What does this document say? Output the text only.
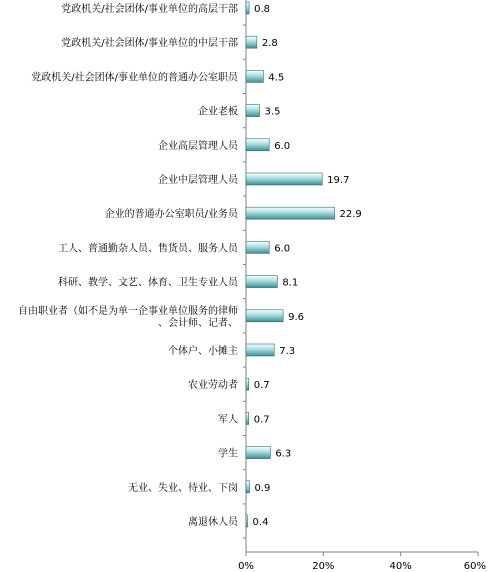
党政机关/社会团体/事业单位的高层干部
党政机关/社会团体/事业单位的中层干部
党政机关/社会团体/事业单位的普通办公室职员
企业老板
企业高层管理人员
企业中层管理人员
企业的普通办公室职员/业务员
工人、普通勤杂人员、售货员、服务人员
科研、教学、文艺、体育、卫生专业人员
自由职业者（如不是为单一企事业单位服务的律师
、会计师、记者、
个体户、小摊主
农业劳动者
军人
学生
无业、失业、待业、下岗
离退休人员
0.8
2.8
4.5
3.5
6.0
19.7
22.9
6.0
8.1
9.6
7.3
0.7
0.7
6.3
0.9
0.4
0%	20%	40%	60%
